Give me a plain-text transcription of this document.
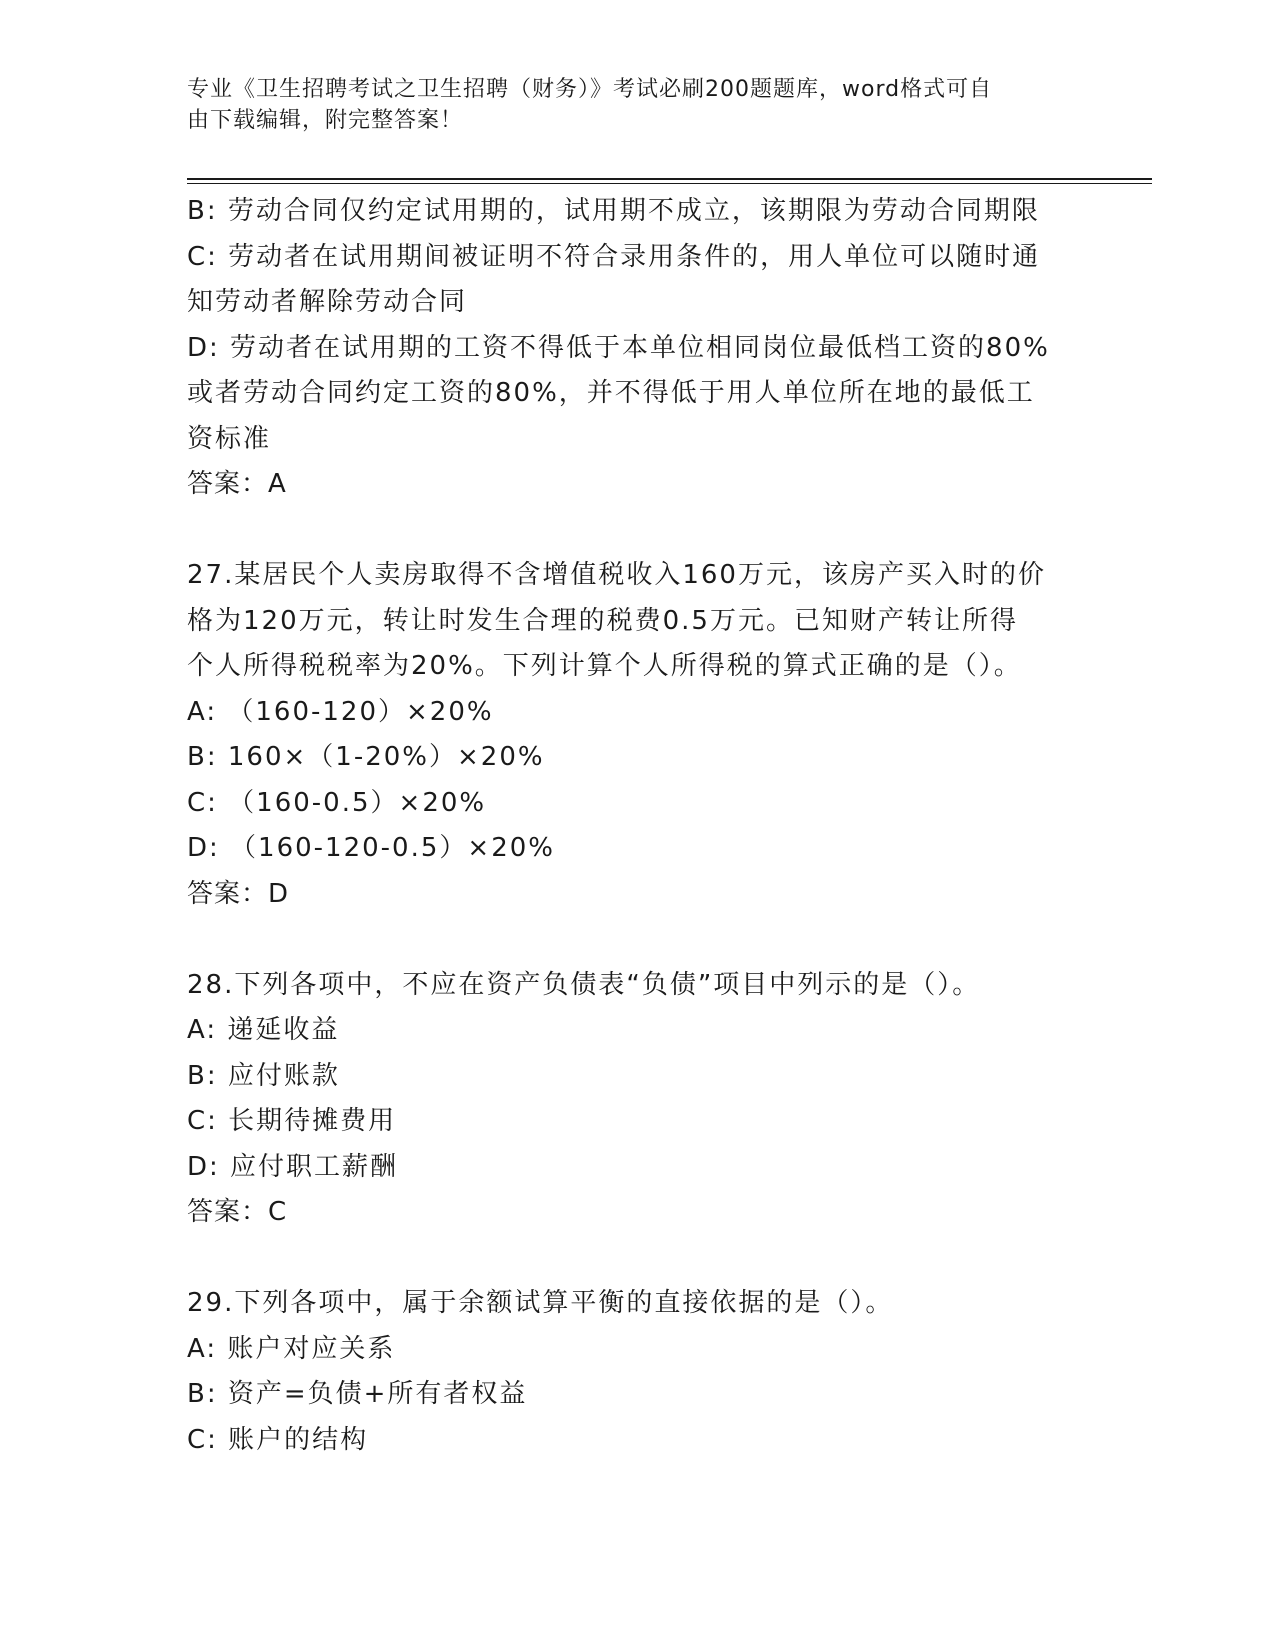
专业《卫生招聘考试之卫生招聘（财务）》考试必刷200题题库，word格式可自
由下载编辑，附完整答案！

B: 劳动合同仅约定试用期的，试用期不成立，该期限为劳动合同期限

C: 劳动者在试用期间被证明不符合录用条件的，用人单位可以随时通

知劳动者解除劳动合同

D: 劳动者在试用期的工资不得低于本单位相同岗位最低档工资的80%

或者劳动合同约定工资的80%，并不得低于用人单位所在地的最低工

资标准

答案：A

27.某居民个人卖房取得不含增值税收入160万元，该房产买入时的价

格为120万元，转让时发生合理的税费0.5万元。已知财产转让所得

个人所得税税率为20%。下列计算个人所得税的算式正确的是（）。

A: （160-120）×20%

B: 160×（1-20%）×20%

C: （160-0.5）×20%

D: （160-120-0.5）×20%

答案：D

28.下列各项中，不应在资产负债表“负债”项目中列示的是（）。

A: 递延收益

B: 应付账款

C: 长期待摊费用

D: 应付职工薪酬

答案：C

29.下列各项中，属于余额试算平衡的直接依据的是（）。

A: 账户对应关系

B: 资产=负债+所有者权益

C: 账户的结构
